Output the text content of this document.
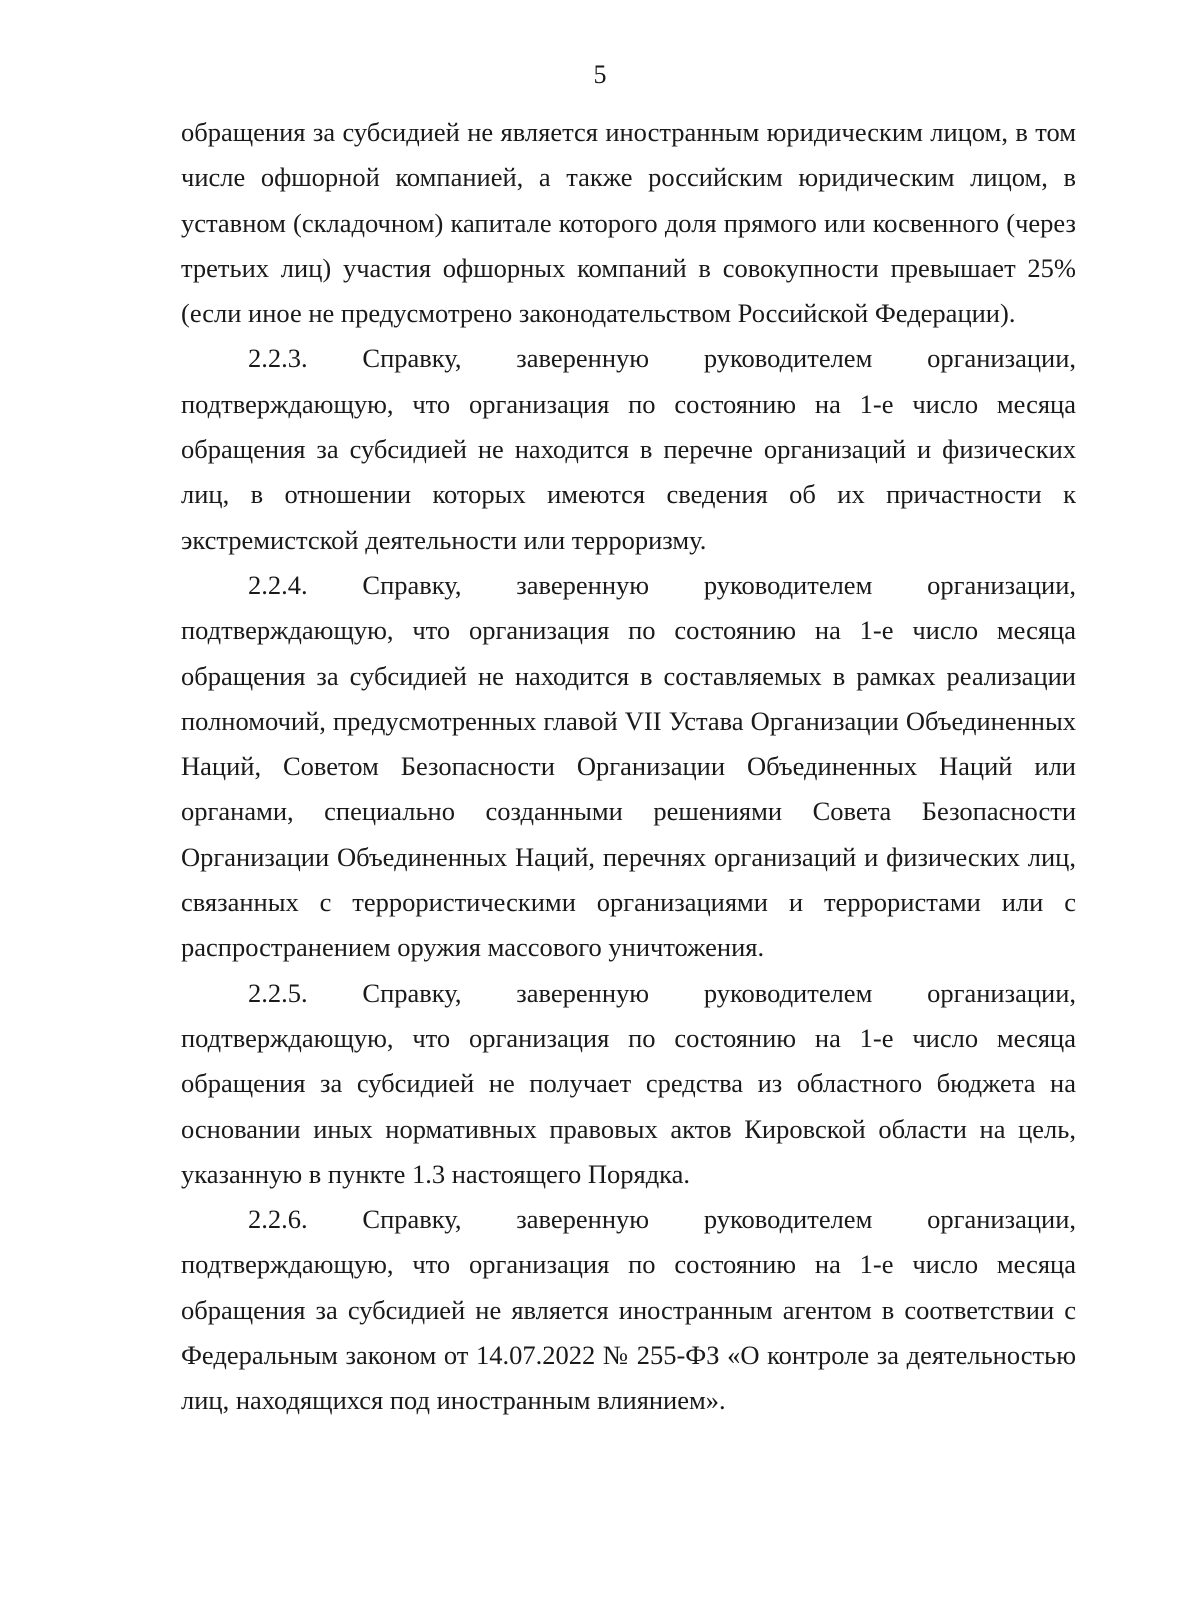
5

обращения за субсидией не является иностранным юридическим лицом, в том числе офшорной компанией, а также российским юридическим лицом, в уставном (складочном) капитале которого доля прямого или косвенного (через третьих лиц) участия офшорных компаний в совокупности превышает 25% (если иное не предусмотрено законодательством Российской Федерации).

2.2.3. Справку, заверенную руководителем организации, подтверждающую, что организация по состоянию на 1-е число месяца обращения за субсидией не находится в перечне организаций и физических лиц, в отношении которых имеются сведения об их причастности к экстремистской деятельности или терроризму.

2.2.4. Справку, заверенную руководителем организации, подтверждающую, что организация по состоянию на 1-е число месяца обращения за субсидией не находится в составляемых в рамках реализации полномочий, предусмотренных главой VII Устава Организации Объединенных Наций, Советом Безопасности Организации Объединенных Наций или органами, специально созданными решениями Совета Безопасности Организации Объединенных Наций, перечнях организаций и физических лиц, связанных с террористическими организациями и террористами или с распространением оружия массового уничтожения.

2.2.5. Справку, заверенную руководителем организации, подтверждающую, что организация по состоянию на 1-е число месяца обращения за субсидией не получает средства из областного бюджета на основании иных нормативных правовых актов Кировской области на цель, указанную в пункте 1.3 настоящего Порядка.

2.2.6. Справку, заверенную руководителем организации, подтверждающую, что организация по состоянию на 1-е число месяца обращения за субсидией не является иностранным агентом в соответствии с Федеральным законом от 14.07.2022 № 255-ФЗ «О контроле за деятельностью лиц, находящихся под иностранным влиянием».
